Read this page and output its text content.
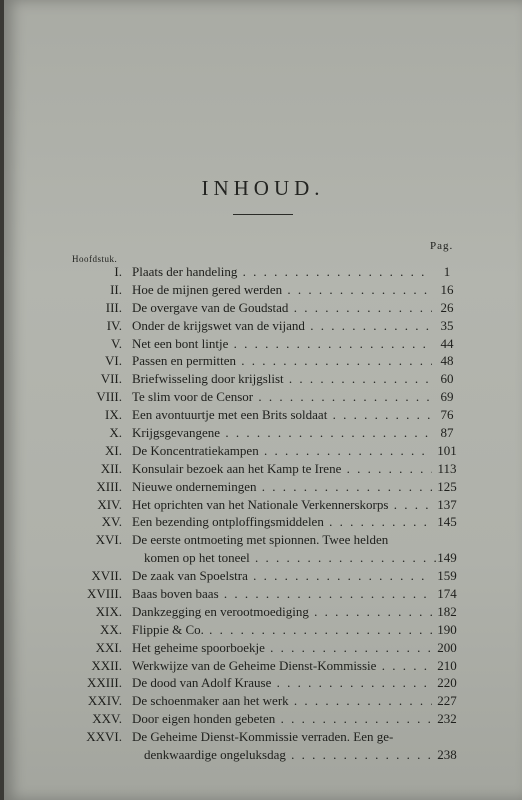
INHOUD.
Pag.
Hoofdstuk.
I. Plaats der handeling . . .	1
II. Hoe de mijnen gered werden . . .	16
III. De overgave van de Goudstad . . .	26
IV. Onder de krijgswet van de vijand . . .	35
V. Net een bont lintje . . .	44
VI. Passen en permitten . . .	48
VII. Briefwisseling door krijgslist . . .	60
VIII. Te slim voor de Censor . . .	69
IX. Een avontuurtje met een Brits soldaat . . .	76
X. Krijgsgevangene . . .	87
XI. De Koncentratiekampen . . .	101
XII. Konsulair bezoek aan het Kamp te Irene . . .	113
XIII. Nieuwe ondernemingen . . .	125
XIV. Het oprichten van het Nationale Verkennerskorps . . .	137
XV. Een bezending ontploffingsmiddelen . . .	145
XVI. De eerste ontmoeting met spionnen. Twee helden
komen op het toneel . . .	149
XVII. De zaak van Spoelstra . . .	159
XVIII. Baas boven baas . . .	174
XIX. Dankzegging en verootmoediging . . .	182
XX. Flippie & Co. . . .	190
XXI. Het geheime spoorboekje . . .	200
XXII. Werkwijze van de Geheime Dienst-Kommissie . . .	210
XXIII. De dood van Adolf Krause . . .	220
XXIV. De schoenmaker aan het werk . . .	227
XXV. Door eigen honden gebeten . . .	232
XXVI. De Geheime Dienst-Kommissie verraden. Een ge-
denkwaardige ongeluksdag . . .	238
